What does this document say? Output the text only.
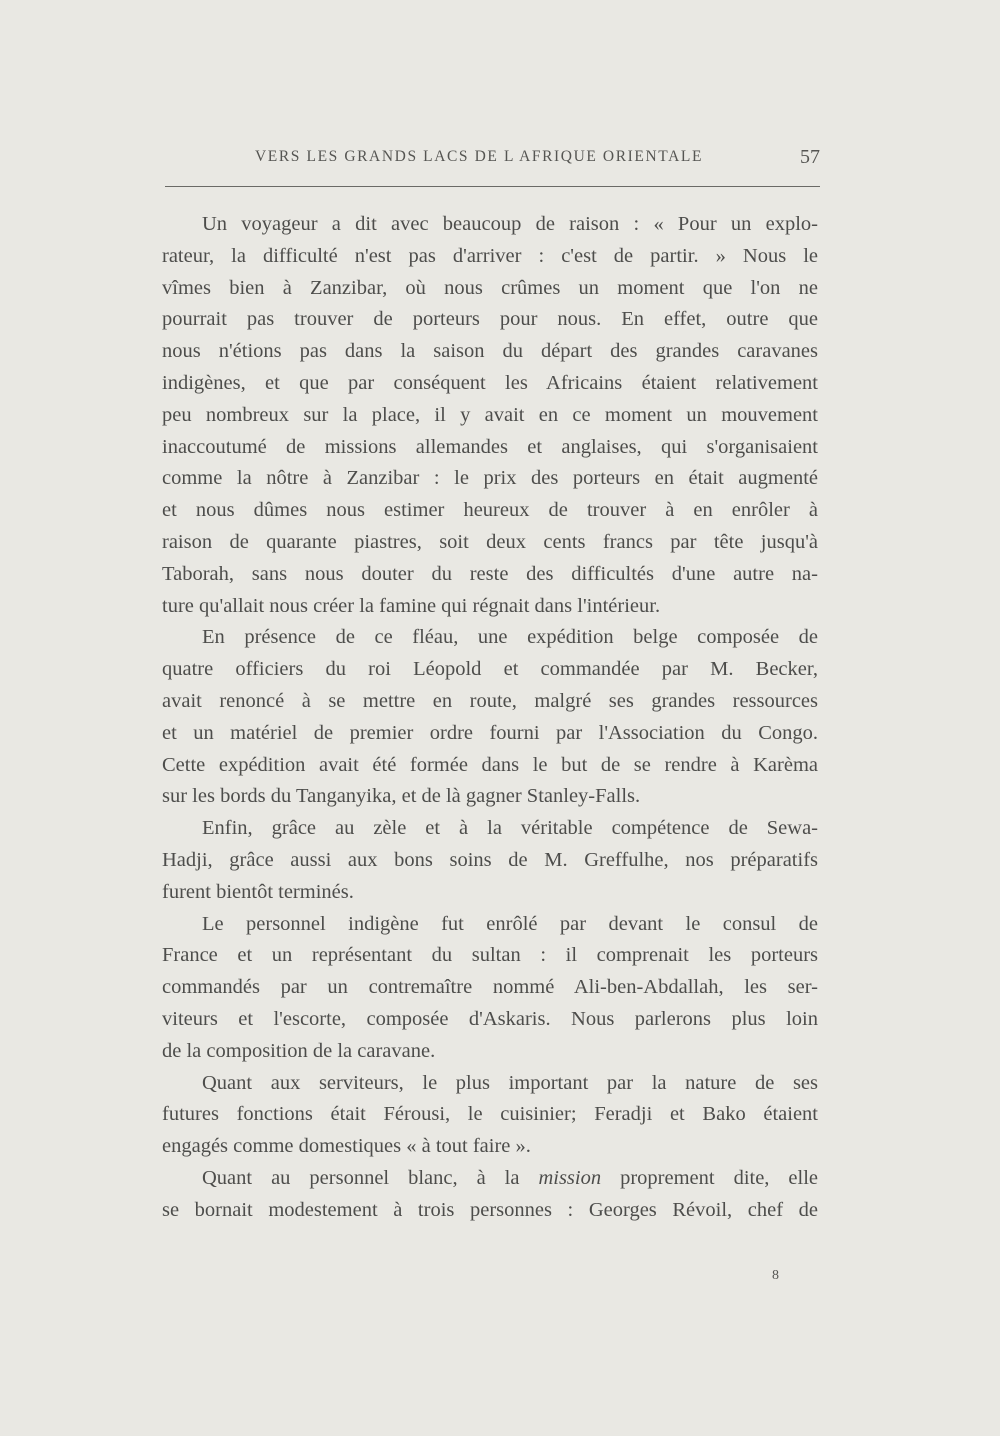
VERS LES GRANDS LACS DE L AFRIQUE ORIENTALE	57
Un voyageur a dit avec beaucoup de raison : « Pour un explo-
rateur, la difficulté n'est pas d'arriver : c'est de partir. » Nous le
vîmes bien à Zanzibar, où nous crûmes un moment que l'on ne
pourrait pas trouver de porteurs pour nous. En effet, outre que
nous n'étions pas dans la saison du départ des grandes caravanes
indigènes, et que par conséquent les Africains étaient relativement
peu nombreux sur la place, il y avait en ce moment un mouvement
inaccoutumé de missions allemandes et anglaises, qui s'organisaient
comme la nôtre à Zanzibar : le prix des porteurs en était augmenté
et nous dûmes nous estimer heureux de trouver à en enrôler à
raison de quarante piastres, soit deux cents francs par tête jusqu'à
Taborah, sans nous douter du reste des difficultés d'une autre na-
ture qu'allait nous créer la famine qui régnait dans l'intérieur.
En présence de ce fléau, une expédition belge composée de
quatre officiers du roi Léopold et commandée par M. Becker,
avait renoncé à se mettre en route, malgré ses grandes ressources
et un matériel de premier ordre fourni par l'Association du Congo.
Cette expédition avait été formée dans le but de se rendre à Karèma
sur les bords du Tanganyika, et de là gagner Stanley-Falls.
Enfin, grâce au zèle et à la véritable compétence de Sewa-
Hadji, grâce aussi aux bons soins de M. Greffulhe, nos préparatifs
furent bientôt terminés.
Le personnel indigène fut enrôlé par devant le consul de
France et un représentant du sultan : il comprenait les porteurs
commandés par un contremaître nommé Ali-ben-Abdallah, les ser-
viteurs et l'escorte, composée d'Askaris. Nous parlerons plus loin
de la composition de la caravane.
Quant aux serviteurs, le plus important par la nature de ses
futures fonctions était Férousi, le cuisinier; Feradji et Bako étaient
engagés comme domestiques « à tout faire ».
Quant au personnel blanc, à la mission proprement dite, elle
se bornait modestement à trois personnes : Georges Révoil, chef de
8
